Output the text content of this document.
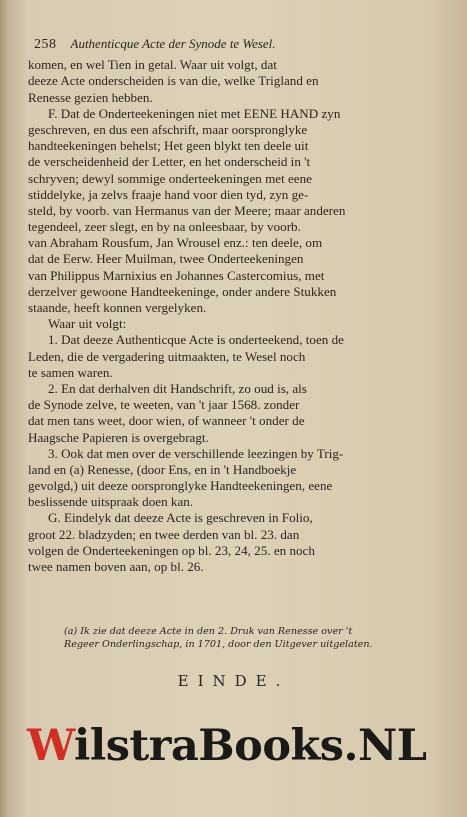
258 Authenticque Acte der Synode te Wesel.
komen, en wel Tien in getal. Waar uit volgt, dat
deeze Acte onderscheiden is van die, welke Trigland en
Renesse gezien hebben.
F. Dat de Onderteekeningen niet met EENE HAND zyn
geschreven, en dus een afschrift, maar oorspronglyke
handteekeningen behelst; Het geen blykt ten deele uit
de verscheidenheid der Letter, en het onderscheid in 't
schryven; dewyl sommige onderteekeningen met eene
stiddelyke, ja zelvs fraaje hand voor dien tyd, zyn ge-
steld, by voorb. van Hermanus van der Meere; maar anderen
tegendeel, zeer slegt, en by na onleesbaar, by voorb.
van Abraham Rousfum, Jan Wrousel enz.: ten deele, om
dat de Eerw. Heer Muilman, twee Onderteekeningen
van Philippus Marnixius en Johannes Castercomius, met
derzelver gewoone Handteekeninge, onder andere Stukken
staande, heeft konnen vergelyken.
Waar uit volgt:
1. Dat deeze Authenticque Acte is onderteekend, toen de
Leden, die de vergadering uitmaakten, te Wesel noch
te samen waren.
2. En dat derhalven dit Handschrift, zo oud is, als
de Synode zelve, te weeten, van 't jaar 1568. zonder
dat men tans weet, door wien, of wanneer 't onder de
Haagsche Papieren is overgebragt.
3. Ook dat men over de verschillende leezingen by Trig-
land en (a) Renesse, (door Ens, en in 't Handboekje
gevolgd,) uit deeze oorspronglyke Handteekeningen, eene
beslissende uitspraak doen kan.
G. Eindelyk dat deeze Acte is geschreven in Folio,
groot 22. bladzyden; en twee derden van bl. 23. dan
volgen de Onderteekeningen op bl. 23, 24, 25. en noch
twee namen boven aan, op bl. 26.
(a) Ik zie dat deeze Acte in den 2. Druk van Renesse over 't
Regeer Onderlingschap, in 1701, door den Uitgever uitgelaten.
EINDE.
WilstraBooks.NL
